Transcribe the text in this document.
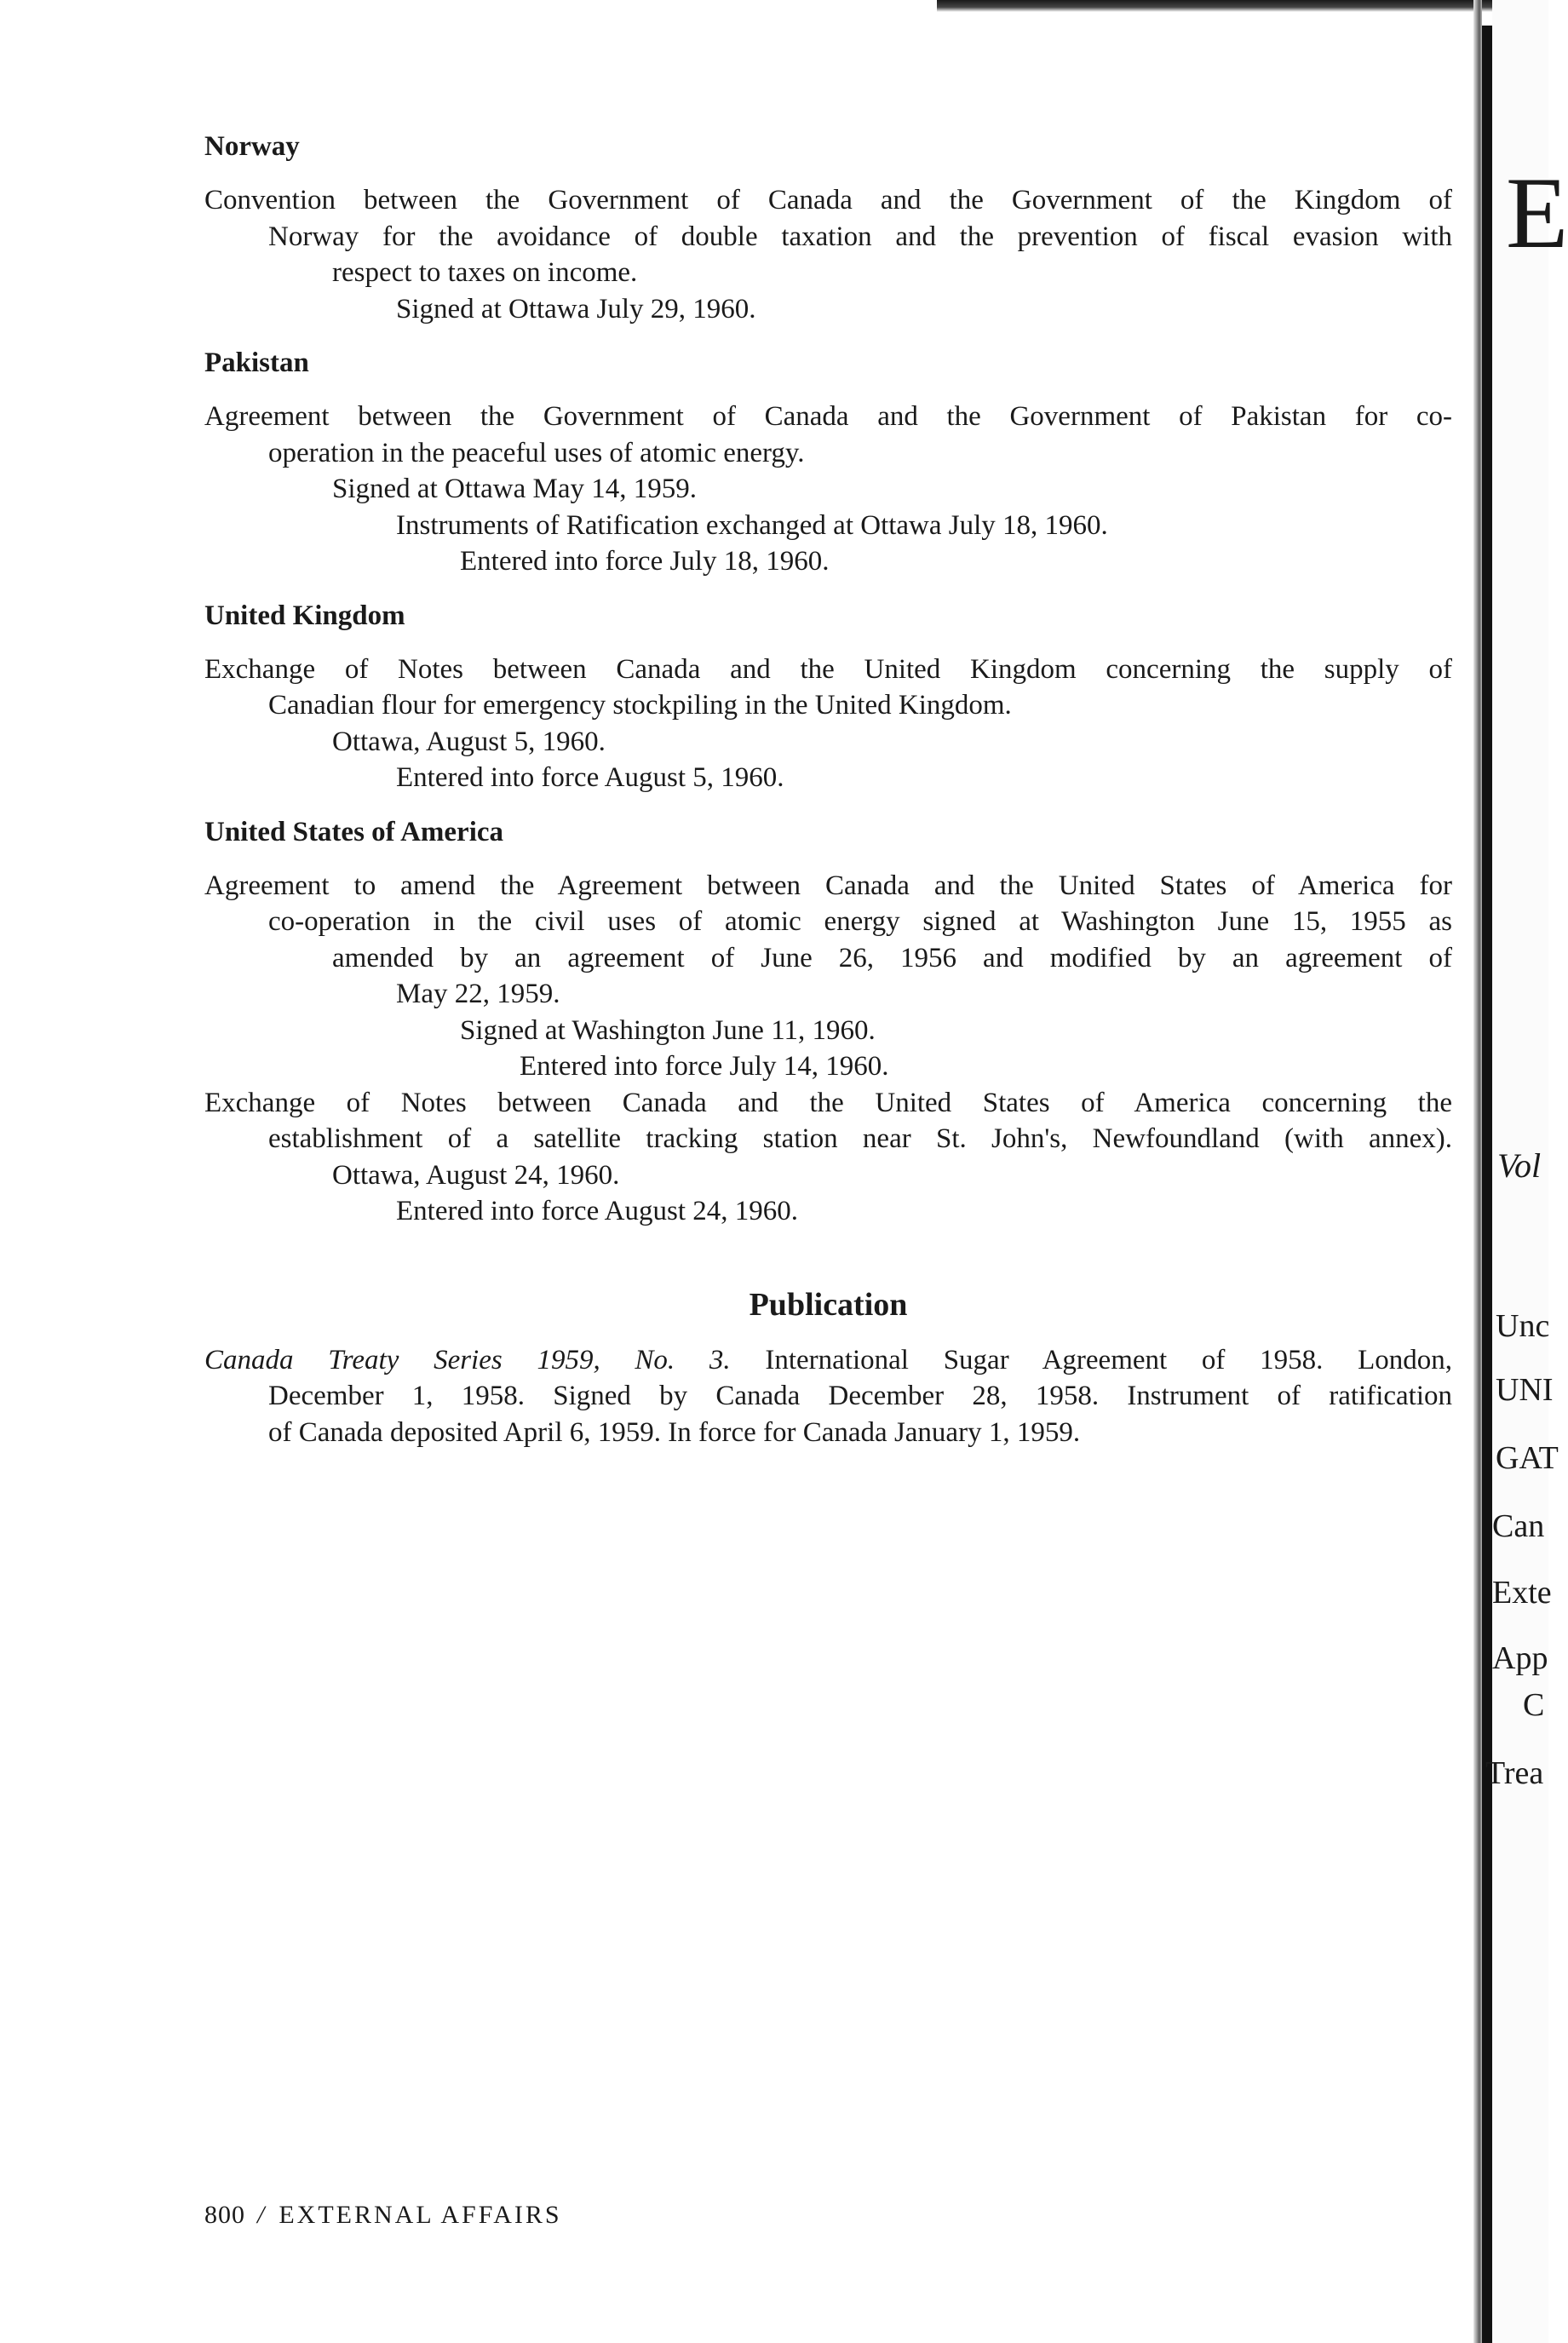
Norway

Convention between the Government of Canada and the Government of the Kingdom of
Norway for the avoidance of double taxation and the prevention of fiscal evasion with
respect to taxes on income.
Signed at Ottawa July 29, 1960.

Pakistan

Agreement between the Government of Canada and the Government of Pakistan for co-
operation in the peaceful uses of atomic energy.
Signed at Ottawa May 14, 1959.
Instruments of Ratification exchanged at Ottawa July 18, 1960.
Entered into force July 18, 1960.

United Kingdom

Exchange of Notes between Canada and the United Kingdom concerning the supply of
Canadian flour for emergency stockpiling in the United Kingdom.
Ottawa, August 5, 1960.
Entered into force August 5, 1960.

United States of America

Agreement to amend the Agreement between Canada and the United States of America for
co-operation in the civil uses of atomic energy signed at Washington June 15, 1955 as
amended by an agreement of June 26, 1956 and modified by an agreement of
May 22, 1959.
Signed at Washington June 11, 1960.
Entered into force July 14, 1960.

Exchange of Notes between Canada and the United States of America concerning the
establishment of a satellite tracking station near St. John's, Newfoundland (with annex).
Ottawa, August 24, 1960.
Entered into force August 24, 1960.

Publication

Canada Treaty Series 1959, No. 3. International Sugar Agreement of 1958. London,
December 1, 1958. Signed by Canada December 28, 1958. Instrument of ratification
of Canada deposited April 6, 1959. In force for Canada January 1, 1959.

800 / EXTERNAL AFFAIRS
E
Vol
Unc
UNI
GAT
Can
Exte
App
C
Trea
